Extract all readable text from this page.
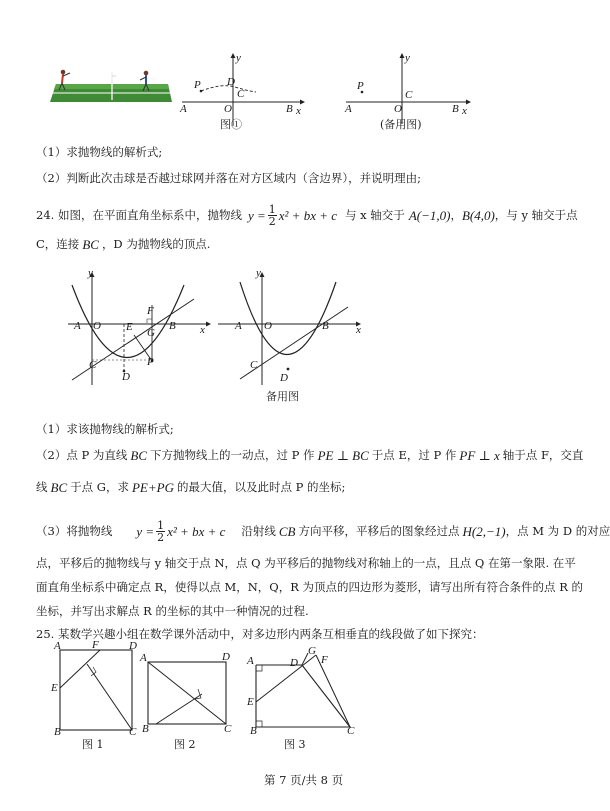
y
P D
C
A	O	B x
图①
y
P
C
A	O	B x
(备用图)
（1）求抛物线的解析式;
（2）判断此次击球是否越过球网并落在对方区域内（含边界），并说明理由;
24. 如图，在平面直角坐标系中，抛物线 $y = \frac{1}{2} x^2$ + bx + c 与 x 轴交于 A(−1,0) ， B(4,0) ，与 y 轴交于点
C，连接 BC ，D 为抛物线的顶点.
y
F
G
E
A O	B x
C	P
D
y
A O	B x
C
D
备用图
（1）求该抛物线的解析式;
（2）点 P 为直线 BC 下方抛物线上的一动点，过 P 作 PE ⊥ BC 于点 E，过 P 作 PF ⊥ x 轴于点 F，交直
线 BC 于点 G，求 PE+PG 的最大值，以及此时点 P 的坐标;
（3）将抛物线 $y = \frac{1}{2} x^2$ + bx + c 沿射线 CB 方向平移，平移后的图象经过点 H(2,−1) ，点 M 为 D 的对应
点，平移后的抛物线与 y 轴交于点 N，点 Q 为平移后的抛物线对称轴上的一点，且点 Q 在第一象限. 在平
面直角坐标系中确定点 R，使得以点 M，N，Q，R 为顶点的四边形为菱形，请写出所有符合条件的点 R 的
坐标，并写出求解点 R 的坐标的其中一种情况的过程.
25. 某数学兴趣小组在数学课外活动中，对多边形内两条互相垂直的线段做了如下探究：
A	F	D
E
B	C
图 1
A	D
B	C
图 2
A	D
G
F
E
B	C
图 3
第 7 页/共 8 页
